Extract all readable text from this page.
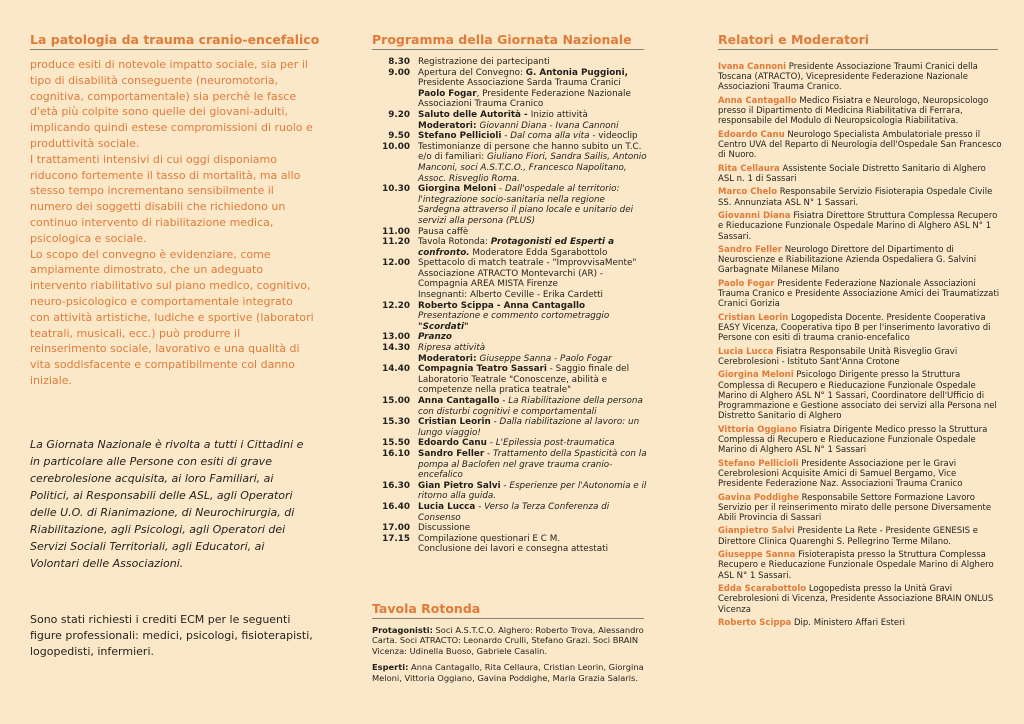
La patologia da trauma cranio-encefalico

produce esiti di notevole impatto sociale, sia per il tipo di disabilità conseguente (neuromotoria, cognitiva, comportamentale) sia perchè le fasce d'età più colpite sono quelle dei giovani-adulti, implicando quindi estese compromissioni di ruolo e produttività sociale.

I trattamenti intensivi di cui oggi disponiamo riducono fortemente il tasso di mortalità, ma allo stesso tempo incrementano sensibilmente il numero dei soggetti disabili che richiedono un continuo intervento di riabilitazione medica, psicologica e sociale.

Lo scopo del convegno è evidenziare, come ampiamente dimostrato, che un adeguato intervento riabilitativo sul piano medico, cognitivo, neuro-psicologico e comportamentale integrato con attività artistiche, ludiche e sportive (laboratori teatrali, musicali, ecc.) può produrre il reinserimento sociale, lavorativo e una qualità di vita soddisfacente e compatibilmente col danno iniziale.

La Giornata Nazionale è rivolta a tutti i Cittadini e in particolare alle Persone con esiti di grave cerebrolesione acquisita, ai loro Familiari, ai Politici, ai Responsabili delle ASL, agli Operatori delle U.O. di Rianimazione, di Neurochirurgia, di Riabilitazione, agli Psicologi, agli Operatori dei Servizi Sociali Territoriali, agli Educatori, ai Volontari delle Associazioni.
Sono stati richiesti i crediti ECM per le seguenti figure professionali: medici, psicologi, fisioterapisti, logopedisti, infermieri.
Programma della Giornata Nazionale
8.30 Registrazione dei partecipanti
9.00 Apertura del Convegno: G. Antonia Puggioni, Presidente Associazione Sarda Trauma Cranici Paolo Fogar, Presidente Federazione Nazionale Associazioni Trauma Cranico
9.20 Saluto delle Autorità - Inizio attività
Moderatori: Giovanni Diana - Ivana Cannoni
9.50 Stefano Pellicioli - Dal coma alla vita - videoclip
10.00 Testimonianze di persone che hanno subito un T.C. e/o di familiari: Giuliano Fiori, Sandra Sailis, Antonio Manconi, soci A.S.T.C.O., Francesco Napolitano, Assoc. Risveglio Roma.
10.30 Giorgina Meloni - Dall'ospedale al territorio: l'integrazione socio-sanitaria nella regione Sardegna attraverso il piano locale e unitario dei servizi alla persona (PLUS)
11.00 Pausa caffè
11.20 Tavola Rotonda: Protagonisti ed Esperti a confronto. Moderatore Edda Sgarabottolo
12.00 Spettacolo di match teatrale - "ImprovvisaMente" Associazione ATRACTO Montevarchi (AR) - Compagnia AREA MISTA Firenze
Insegnanti: Alberto Ceville - Erika Cardetti
12.20 Roberto Scippa - Anna Cantagallo Presentazione e commento cortometraggio "Scordati"
13.00 Pranzo
14.30 Ripresa attività
Moderatori: Giuseppe Sanna - Paolo Fogar
14.40 Compagnia Teatro Sassari - Saggio finale del Laboratorio Teatrale "Conoscenze, abilità e competenze nella pratica teatrale"
15.00 Anna Cantagallo - La Riabilitazione della persona con disturbi cognitivi e comportamentali
15.30 Cristian Leorin - Dalla riabilitazione al lavoro: un lungo viaggio!
15.50 Edoardo Canu - L'Epilessia post-traumatica
16.10 Sandro Feller - Trattamento della Spasticità con la pompa al Baclofen nel grave trauma cranio-encefalico
16.30 Gian Pietro Salvi - Esperienze per l'Autonomia e il ritorno alla guida.
16.40 Lucia Lucca - Verso la Terza Conferenza di Consenso
17.00 Discussione
17.15 Compilazione questionari E C M.
Conclusione dei lavori e consegna attestati
Tavola Rotonda

Protagonisti: Soci A.S.T.C.O. Alghero: Roberto Trova, Alessandro Carta. Soci ATRACTO: Leonardo Crulli, Stefano Grazi. Soci BRAIN Vicenza: Udinella Buoso, Gabriele Casalin.

Esperti: Anna Cantagallo, Rita Cellaura, Cristian Leorin, Giorgina Meloni, Vittoria Oggiano, Gavina Poddighe, Maria Grazia Salaris.

Relatori e Moderatori

Ivana Cannoni Presidente Associazione Traumi Cranici della Toscana (ATRACTO), Vicepresidente Federazione Nazionale Associazioni Trauma Cranico.

Anna Cantagallo Medico Fisiatra e Neurologo, Neuropsicologo presso il Dipartimento di Medicina Riabilitativa di Ferrara, responsabile del Modulo di Neuropsicologia Riabilitativa.

Edoardo Canu Neurologo Specialista Ambulatoriale presso il Centro UVA del Reparto di Neurologia dell'Ospedale San Francesco di Nuoro.

Rita Cellaura Assistente Sociale Distretto Sanitario di Alghero ASL n. 1 di Sassari

Marco Chelo Responsabile Servizio Fisioterapia Ospedale Civile SS. Annunziata ASL N° 1 Sassari.

Giovanni Diana Fisiatra Direttore Struttura Complessa Recupero e Rieducazione Funzionale Ospedale Marino di Alghero ASL N° 1 Sassari.

Sandro Feller Neurologo Direttore del Dipartimento di Neuroscienze e Riabilitazione Azienda Ospedaliera G. Salvini Garbagnate Milanese Milano

Paolo Fogar Presidente Federazione Nazionale Associazioni Trauma Cranico e Presidente Associazione Amici dei Traumatizzati Cranici Gorizia

Cristian Leorin Logopedista Docente. Presidente Cooperativa EASY Vicenza, Cooperativa tipo B per l'inserimento lavorativo di Persone con esiti di trauma cranio-encefalico

Lucia Lucca Fisiatra Responsabile Unità Risveglio Gravi Cerebrolesioni - Istituto Sant'Anna Crotone

Giorgina Meloni Psicologo Dirigente presso la Struttura Complessa di Recupero e Rieducazione Funzionale Ospedale Marino di Alghero ASL N° 1 Sassari, Coordinatore dell'Ufficio di Programmazione e Gestione associato dei servizi alla Persona nel Distretto Sanitario di Alghero

Vittoria Oggiano Fisiatra Dirigente Medico presso la Struttura Complessa di Recupero e Rieducazione Funzionale Ospedale Marino di Alghero ASL N° 1 Sassari

Stefano Pellicioli Presidente Associazione per le Gravi Cerebrolesioni Acquisite Amici di Samuel Bergamo, Vice Presidente Federazione Naz. Associazioni Trauma Cranico

Gavina Poddighe Responsabile Settore Formazione Lavoro Servizio per il reinserimento mirato delle persone Diversamente Abili Provincia di Sassari

Gianpietro Salvi Presidente La Rete - Presidente GENESIS e Direttore Clinica Quarenghi S. Pellegrino Terme Milano.

Giuseppe Sanna Fisioterapista presso la Struttura Complessa Recupero e Rieducazione Funzionale Ospedale Marino di Alghero ASL N° 1 Sassari.

Edda Scarabottolo Logopedista presso la Unità Gravi Cerebrolesioni di Vicenza, Presidente Associazione BRAIN ONLUS Vicenza

Roberto Scippa Dip. Ministero Affari Esteri
